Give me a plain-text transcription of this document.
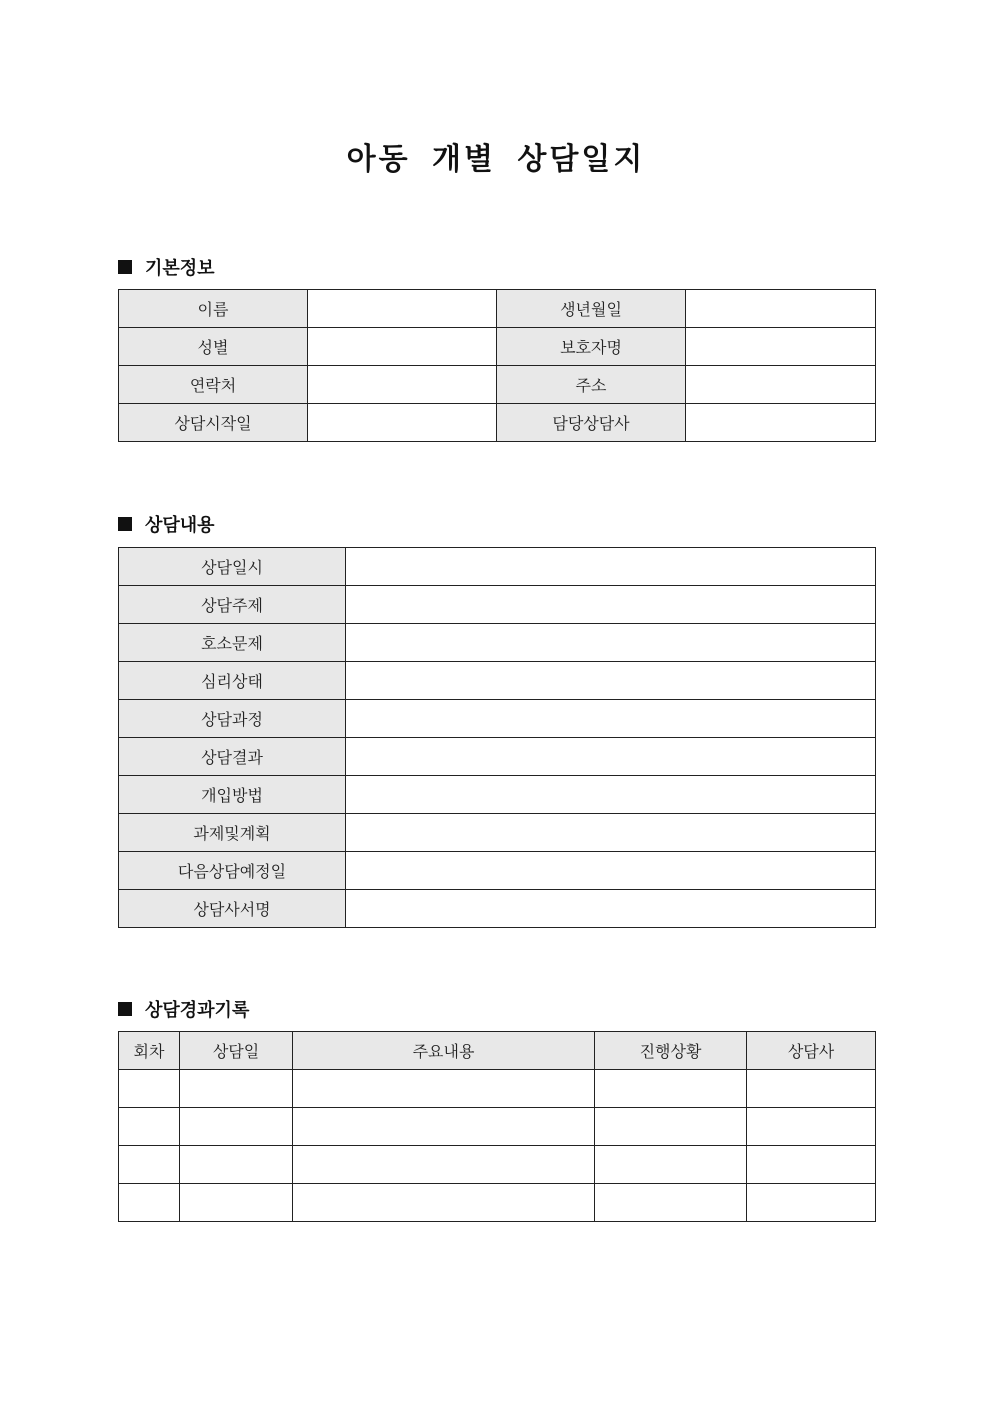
아동 개별 상담일지
기본정보
이름		생년월일	
성별		보호자명	
연락처		주소	
상담시작일		담당상담사	
상담내용
상담일시	
상담주제	
호소문제	
심리상태	
상담과정	
상담결과	
개입방법	
과제및계획	
다음상담예정일	
상담사서명	
상담경과기록
회차	상담일	주요내용	진행상황	상담사
